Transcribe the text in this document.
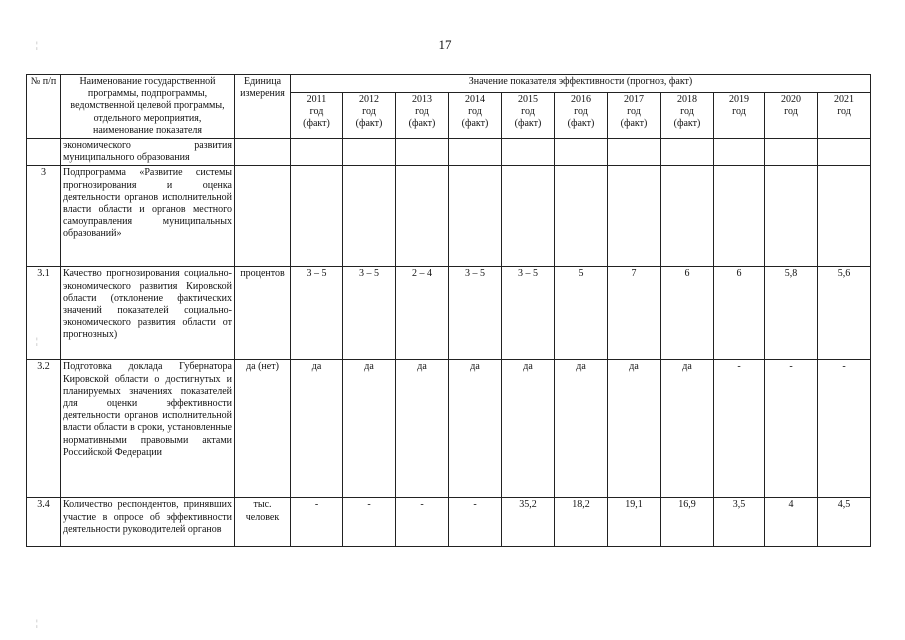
17
¦
¦
¦
№ п/п	Наименование государственной программы, подпрограммы, ведомственной целевой программы, отдельного мероприятия, наименование показателя	Единица измерения	Значение показателя эффективности (прогноз, факт)										

			2011
год
(факт)	2012
год
(факт)	2013
год
(факт)	2014
год
(факт)	2015
год
(факт)	2016
год
(факт)	2017
год
(факт)	2018
год
(факт)	2019
год	2020
год	2021
год

	экономического развития муниципального образования												
3	Подпрограмма «Развитие системы прогнозирования и оценка деятельности органов исполнительной власти области и органов местного самоуправления муниципальных образований»												
3.1	Качество прогнозирования социально-экономического развития Кировской области (отклонение фактических значений показателей социально-экономического развития области от прогнозных)	процентов	3 – 5	3 – 5	2 – 4	3 – 5	3 – 5	5	7	6	6	5,8	5,6
3.2	Подготовка доклада Губернатора Кировской области о достигнутых и планируемых значениях показателей для оценки эффективности деятельности органов исполнительной власти области в сроки, установленные нормативными правовыми актами Российской Федерации	да (нет)	да	да	да	да	да	да	да	да	-	-	-
3.4	Количество респондентов, принявших участие в опросе об эффективности деятельности руководителей органов	тыс. человек	-	-	-	-	35,2	18,2	19,1	16,9	3,5	4	4,5
